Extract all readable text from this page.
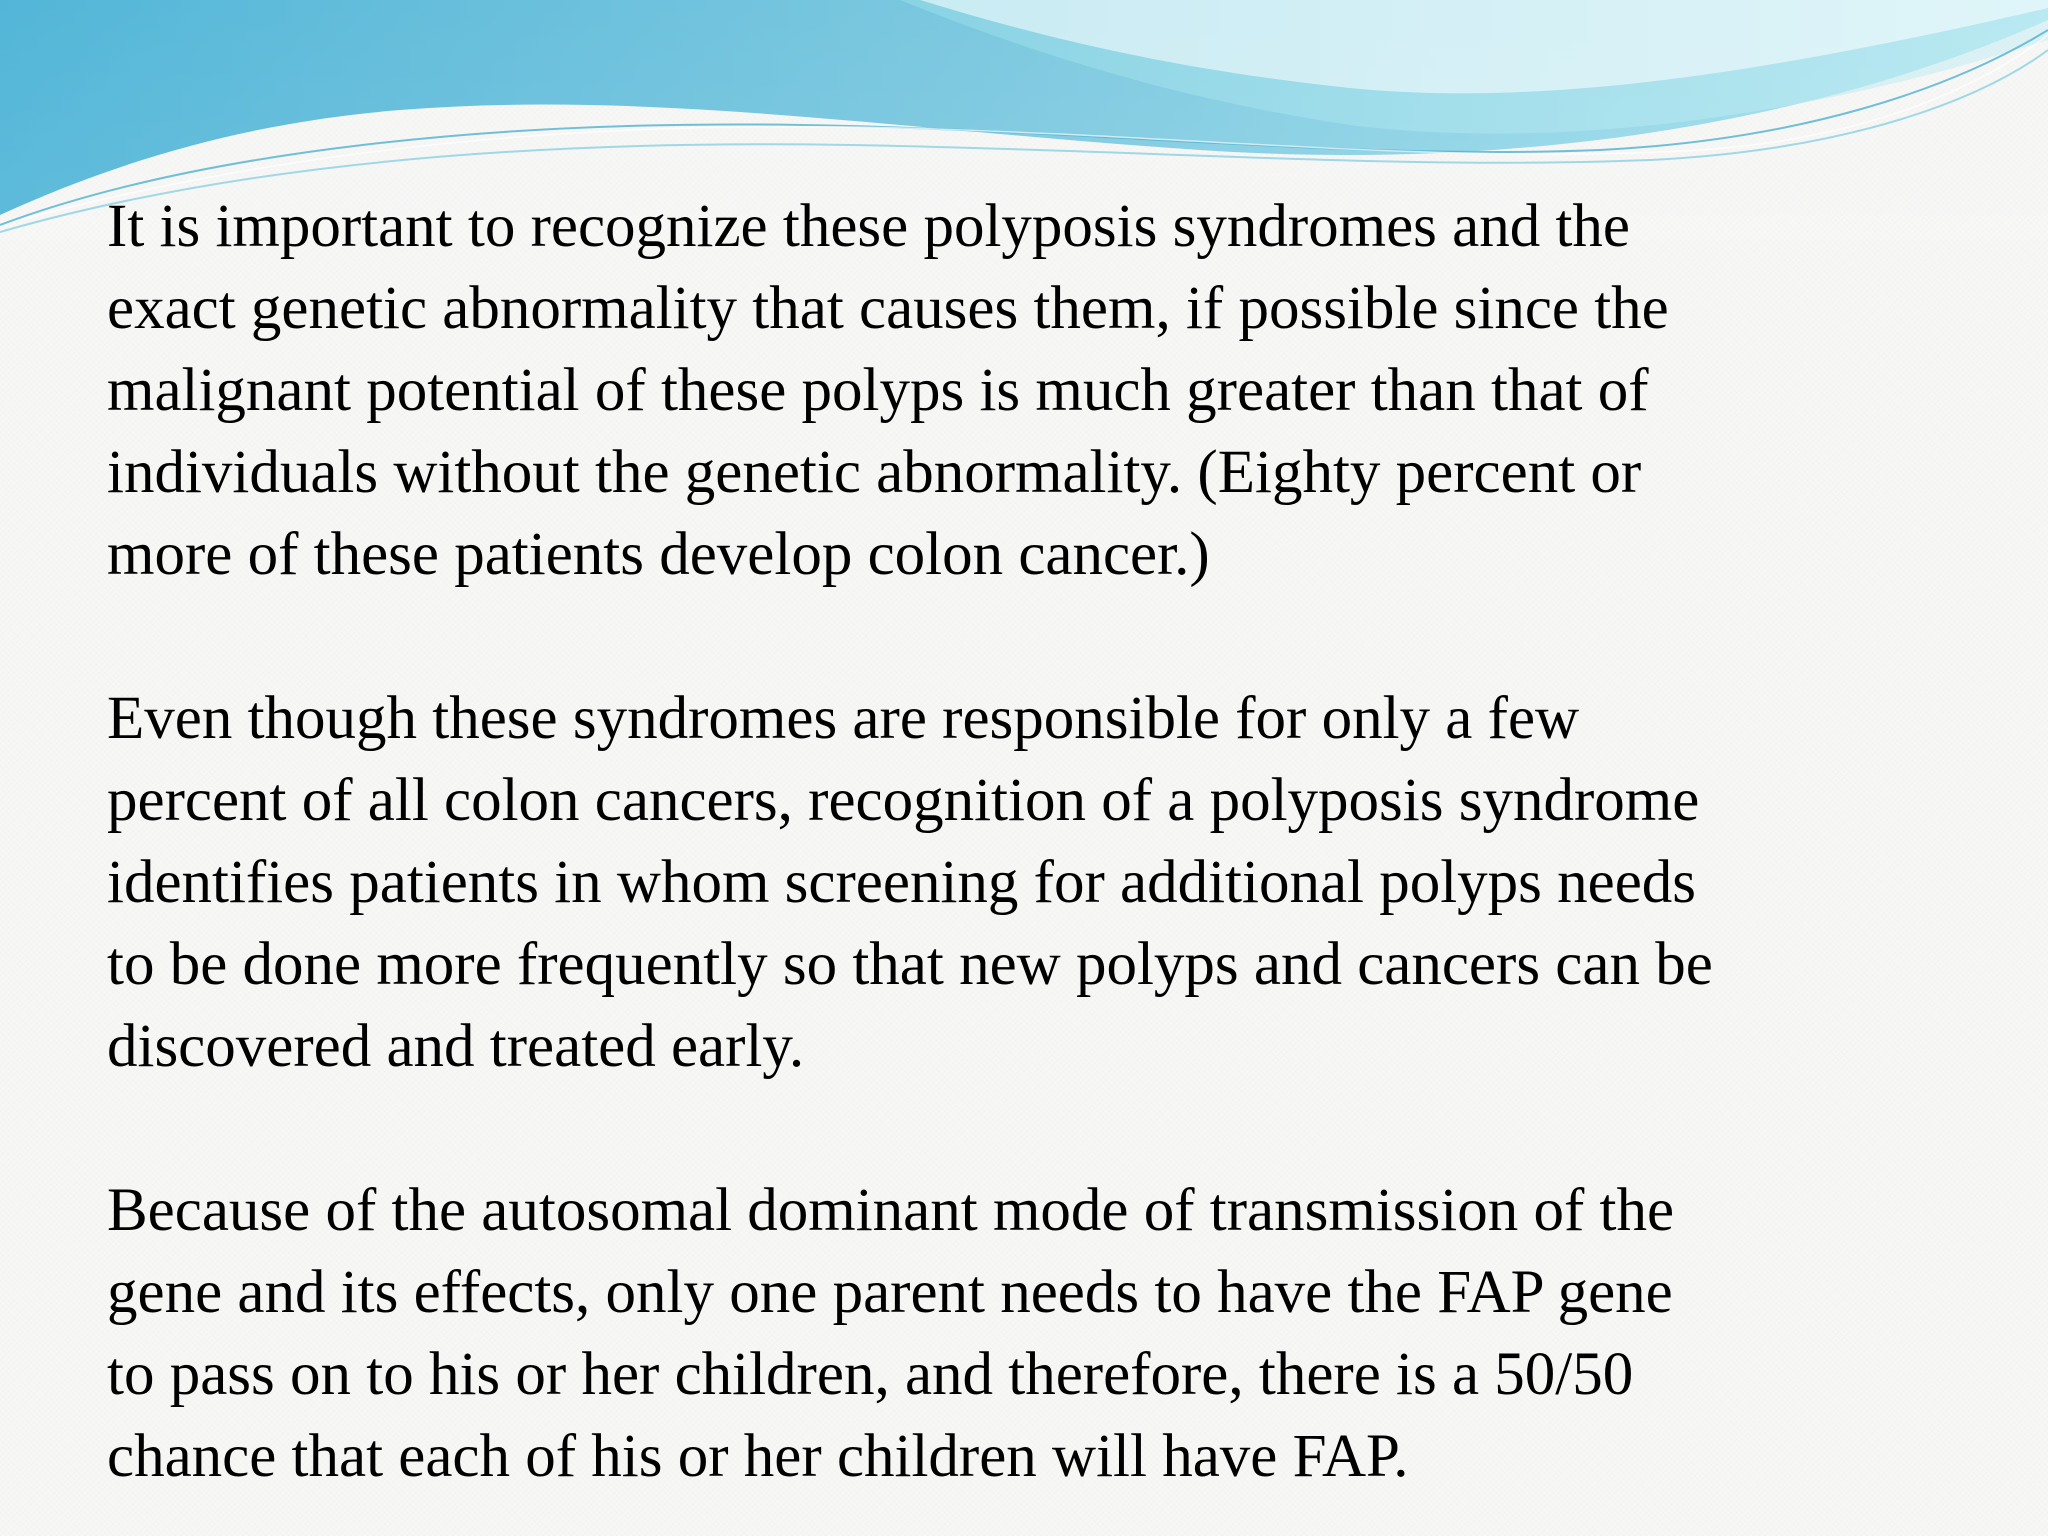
It is important to recognize these polyposis syndromes and the
exact genetic abnormality that causes them, if possible since the
malignant potential of these polyps is much greater than that of
individuals without the genetic abnormality. (Eighty percent or
more of these patients develop colon cancer.)

Even though these syndromes are responsible for only a few
percent of all colon cancers, recognition of a polyposis syndrome
identifies patients in whom screening for additional polyps needs
to be done more frequently so that new polyps and cancers can be
discovered and treated early.

Because of the autosomal dominant mode of transmission of the
gene and its effects, only one parent needs to have the FAP gene
to pass on to his or her children, and therefore, there is a 50/50
chance that each of his or her children will have FAP.
